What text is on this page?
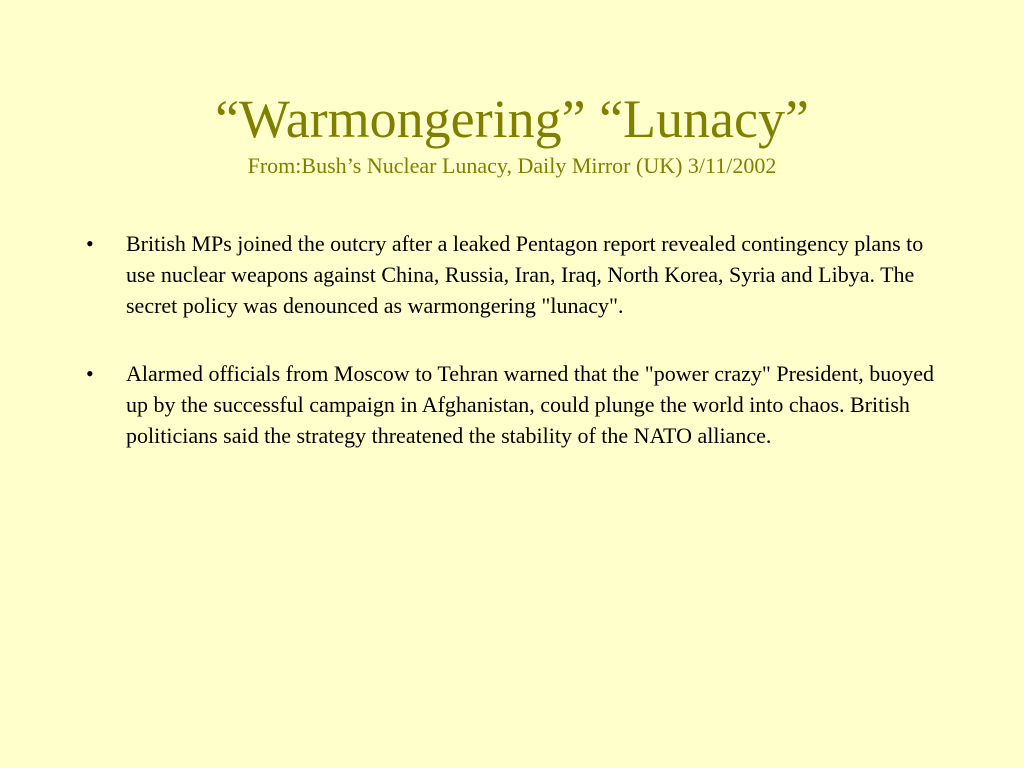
“Warmongering” “Lunacy”
From:Bush’s Nuclear Lunacy, Daily Mirror (UK) 3/11/2002
• British MPs joined the outcry after a leaked Pentagon report revealed contingency plans to use nuclear weapons against China, Russia, Iran, Iraq, North Korea, Syria and Libya. The secret policy was denounced as warmongering "lunacy".
• Alarmed officials from Moscow to Tehran warned that the "power crazy" President, buoyed up by the successful campaign in Afghanistan, could plunge the world into chaos. British politicians said the strategy threatened the stability of the NATO alliance.
